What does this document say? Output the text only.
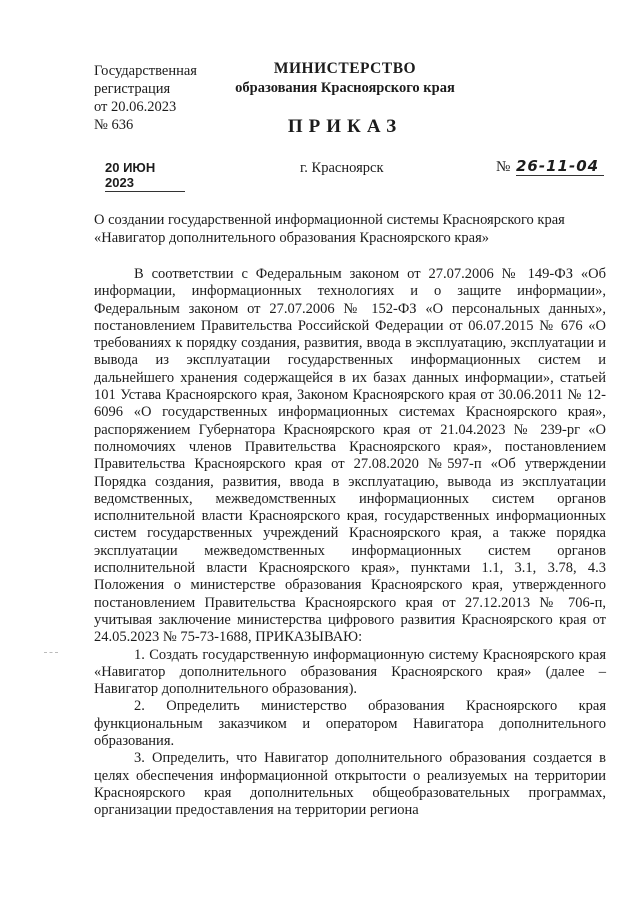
Государственная
регистрация
от 20.06.2023
№ 636
МИНИСТЕРСТВО
образования Красноярского края
ПРИКАЗ
20 ИЮН 2023
г. Красноярск	№ 26-11-04
О создании государственной информационной системы Красноярского края
«Навигатор дополнительного образования Красноярского края»

В соответствии с Федеральным законом от 27.07.2006 № 149-ФЗ «Об информации, информационных технологиях и о защите информации», Федеральным законом от 27.07.2006 № 152-ФЗ «О персональных данных», постановлением Правительства Российской Федерации от 06.07.2015 № 676 «О требованиях к порядку создания, развития, ввода в эксплуатацию, эксплуатации и вывода из эксплуатации государственных информационных систем и дальнейшего хранения содержащейся в их базах данных информации», статьей 101 Устава Красноярского края, Законом Красноярского края от 30.06.2011 № 12-6096 «О государственных информационных системах Красноярского края», распоряжением Губернатора Красноярского края от 21.04.2023 № 239-рг «О полномочиях членов Правительства Красноярского края», постановлением Правительства Красноярского края от 27.08.2020 №597-п «Об утверждении Порядка создания, развития, ввода в эксплуатацию, вывода из эксплуатации ведомственных, межведомственных информационных систем органов исполнительной власти Красноярского края, государственных информационных систем государственных учреждений Красноярского края, а также порядка эксплуатации межведомственных информационных систем органов исполнительной власти Красноярского края», пунктами 1.1, 3.1, 3.78, 4.3 Положения о министерстве образования Красноярского края, утвержденного постановлением Правительства Красноярского края от 27.12.2013 № 706-п, учитывая заключение министерства цифрового развития Красноярского края от 24.05.2023 № 75-73-1688, ПРИКАЗЫВАЮ:

1. Создать государственную информационную систему Красноярского края «Навигатор дополнительного образования Красноярского края» (далее – Навигатор дополнительного образования).

2. Определить министерство образования Красноярского края функциональным заказчиком и оператором Навигатора дополнительного образования.

3. Определить, что Навигатор дополнительного образования создается в целях обеспечения информационной открытости о реализуемых на территории Красноярского края дополнительных общеобразовательных программах, организации предоставления на территории региона
